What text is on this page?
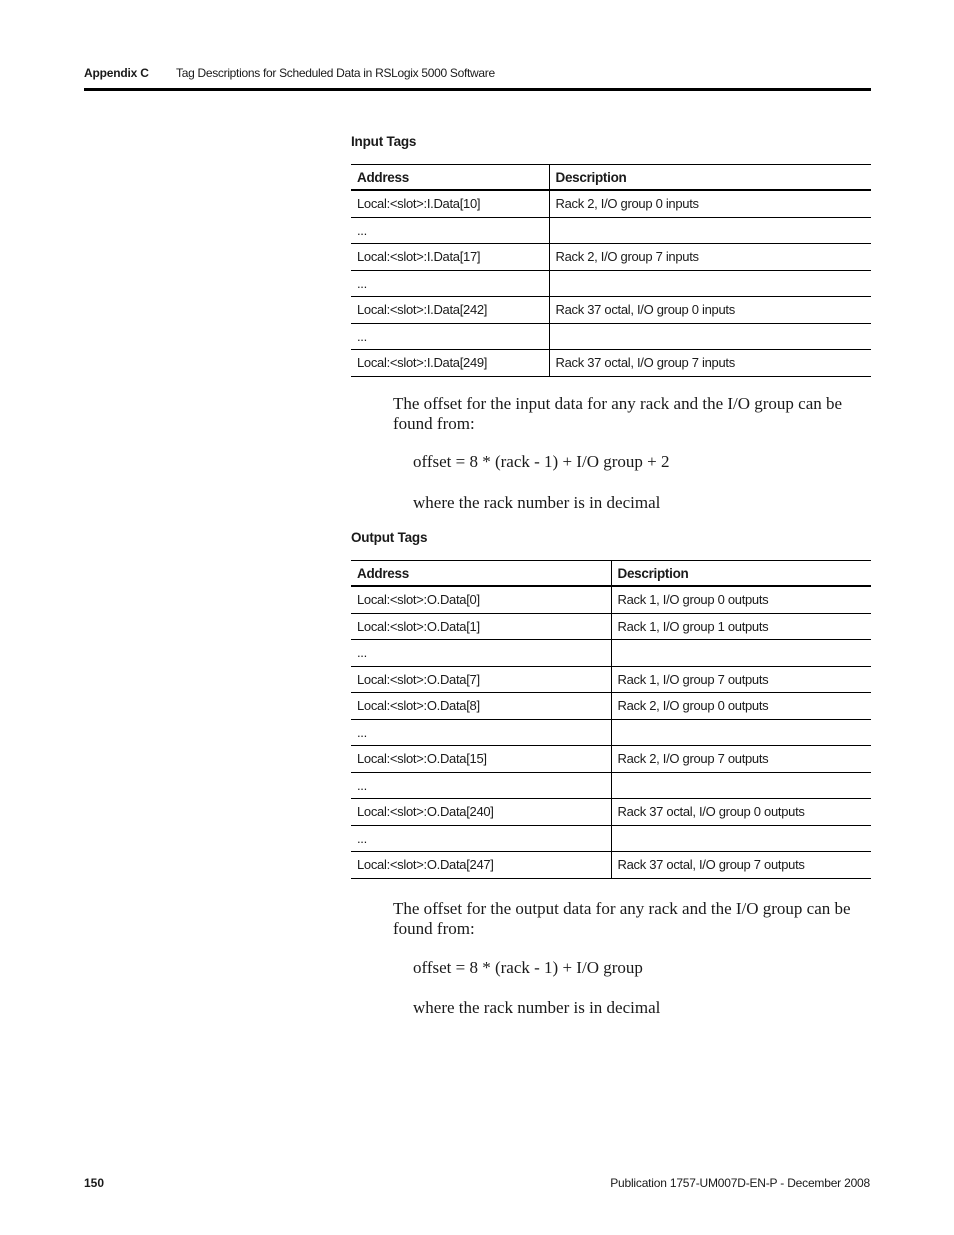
Appendix C Tag Descriptions for Scheduled Data in RSLogix 5000 Software
Input Tags
Address	Description
Local:<slot>:I.Data[10]	Rack 2, I/O group 0 inputs
...	
Local:<slot>:I.Data[17]	Rack 2, I/O group 7 inputs
...	
Local:<slot>:I.Data[242]	Rack 37 octal, I/O group 0 inputs
...	
Local:<slot>:I.Data[249]	Rack 37 octal, I/O group 7 inputs
The offset for the input data for any rack and the I/O group can be found from:
offset = 8 * (rack - 1) + I/O group + 2
where the rack number is in decimal
Output Tags
Address	Description
Local:<slot>:O.Data[0]	Rack 1, I/O group 0 outputs
Local:<slot>:O.Data[1]	Rack 1, I/O group 1 outputs
...	
Local:<slot>:O.Data[7]	Rack 1, I/O group 7 outputs
Local:<slot>:O.Data[8]	Rack 2, I/O group 0 outputs
...	
Local:<slot>:O.Data[15]	Rack 2, I/O group 7 outputs
...	
Local:<slot>:O.Data[240]	Rack 37 octal, I/O group 0 outputs
...	
Local:<slot>:O.Data[247]	Rack 37 octal, I/O group 7 outputs
The offset for the output data for any rack and the I/O group can be found from:
offset = 8 * (rack - 1) + I/O group
where the rack number is in decimal
150	Publication 1757-UM007D-EN-P - December 2008
